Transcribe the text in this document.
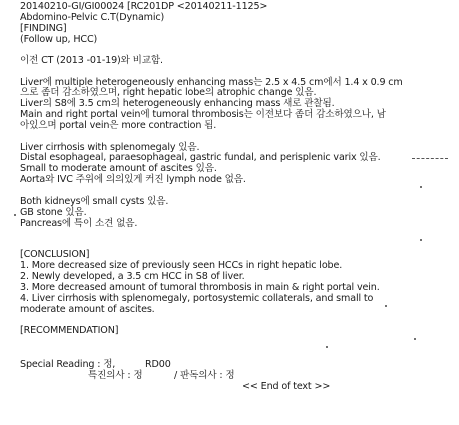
20140210-GI/GI00024 [RC201DP <20140211-1125>
Abdomino-Pelvic C.T(Dynamic)
[FINDING]
(Follow up, HCC)
이전 CT (2013 -01-19)와 비교함.
Liver에 multiple heterogeneously enhancing mass는 2.5 x 4.5 cm에서 1.4 x 0.9 cm
으로 좀더 감소하였으며, right hepatic lobe의 atrophic change 있음.
Liver의 S8에 3.5 cm의 heterogeneously enhancing mass 새로 관찰됨.
Main and right portal vein에 tumoral thrombosis는 이전보다 좀더 감소하였으나, 남
아있으며 portal vein은 more contraction 됨.
Liver cirrhosis with splenomegaly 있음.
Distal esophageal, paraesophageal, gastric fundal, and perisplenic varix 있음.
Small to moderate amount of ascites 있음.
Aorta와 IVC 주위에 의의있게 커진 lymph node 없음.
Both kidneys에 small cysts 있음.
GB stone 있음.
Pancreas에 특이 소견 없음.
[CONCLUSION]
1. More decreased size of previously seen HCCs in right hepatic lobe.
2. Newly developed, a 3.5 cm HCC in S8 of liver.
3. More decreased amount of tumoral thrombosis in main & right portal vein.
4. Liver cirrhosis with splenomegaly, portosystemic collaterals, and small to
moderate amount of ascites.
[RECOMMENDATION]
Special Reading : 정,	RD00
특진의사 : 정	/ 판독의사 : 정
<< End of text >>
